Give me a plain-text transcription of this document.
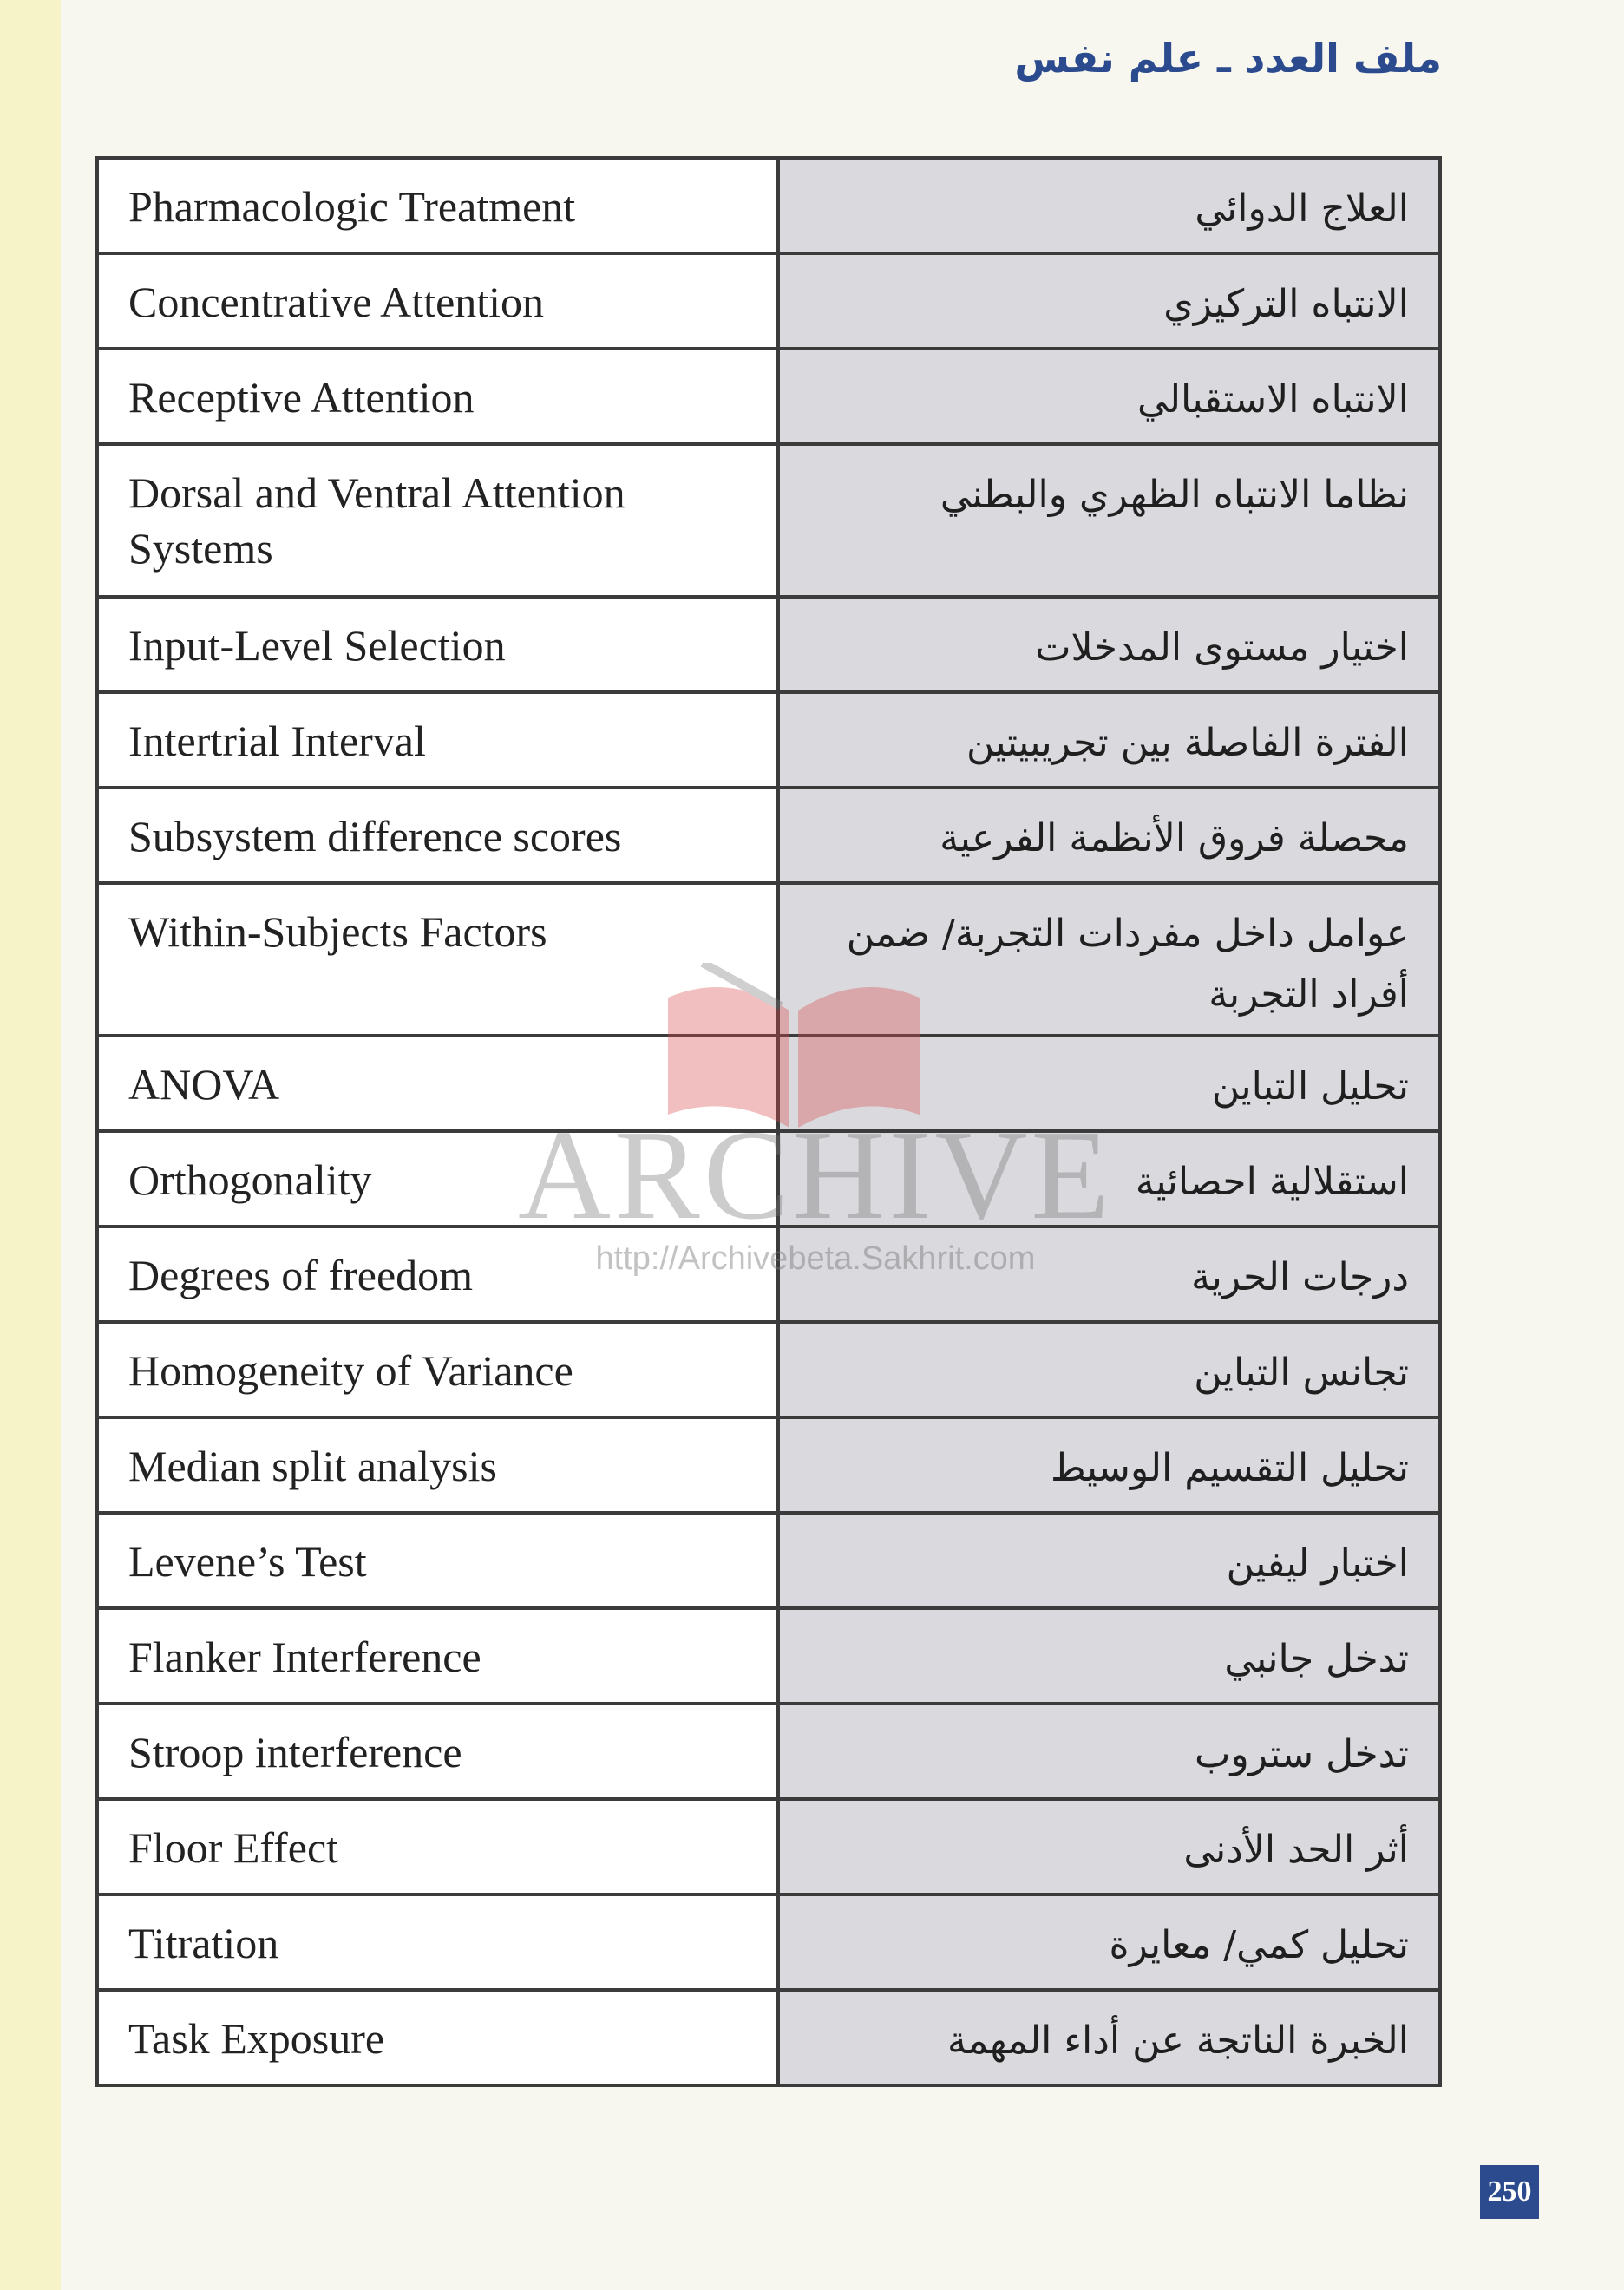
ملف العدد ـ علم نفس
Pharmacologic Treatment	العلاج الدوائي
Concentrative Attention	الانتباه التركيزي
Receptive Attention	الانتباه الاستقبالي
Dorsal and Ventral Attention Systems	نظاما الانتباه الظهري والبطني
Input-Level Selection	اختيار مستوى المدخلات
Intertrial Interval	الفترة الفاصلة بين تجريبيتين
Subsystem difference scores	محصلة فروق الأنظمة الفرعية
Within-Subjects Factors	عوامل داخل مفردات التجربة/ ضمن أفراد التجربة
ANOVA	تحليل التباين
Orthogonality	استقلالية احصائية
Degrees of freedom	درجات الحرية
Homogeneity of Variance	تجانس التباين
Median split analysis	تحليل التقسيم الوسيط
Levene’s Test	اختبار ليفين
Flanker Interference	تدخل جانبي
Stroop interference	تدخل ستروب
Floor Effect	أثر الحد الأدنى
Titration	تحليل كمي/ معايرة
Task Exposure	الخبرة الناتجة عن أداء المهمة
ARCHIVE
http://Archivebeta.Sakhrit.com
250
